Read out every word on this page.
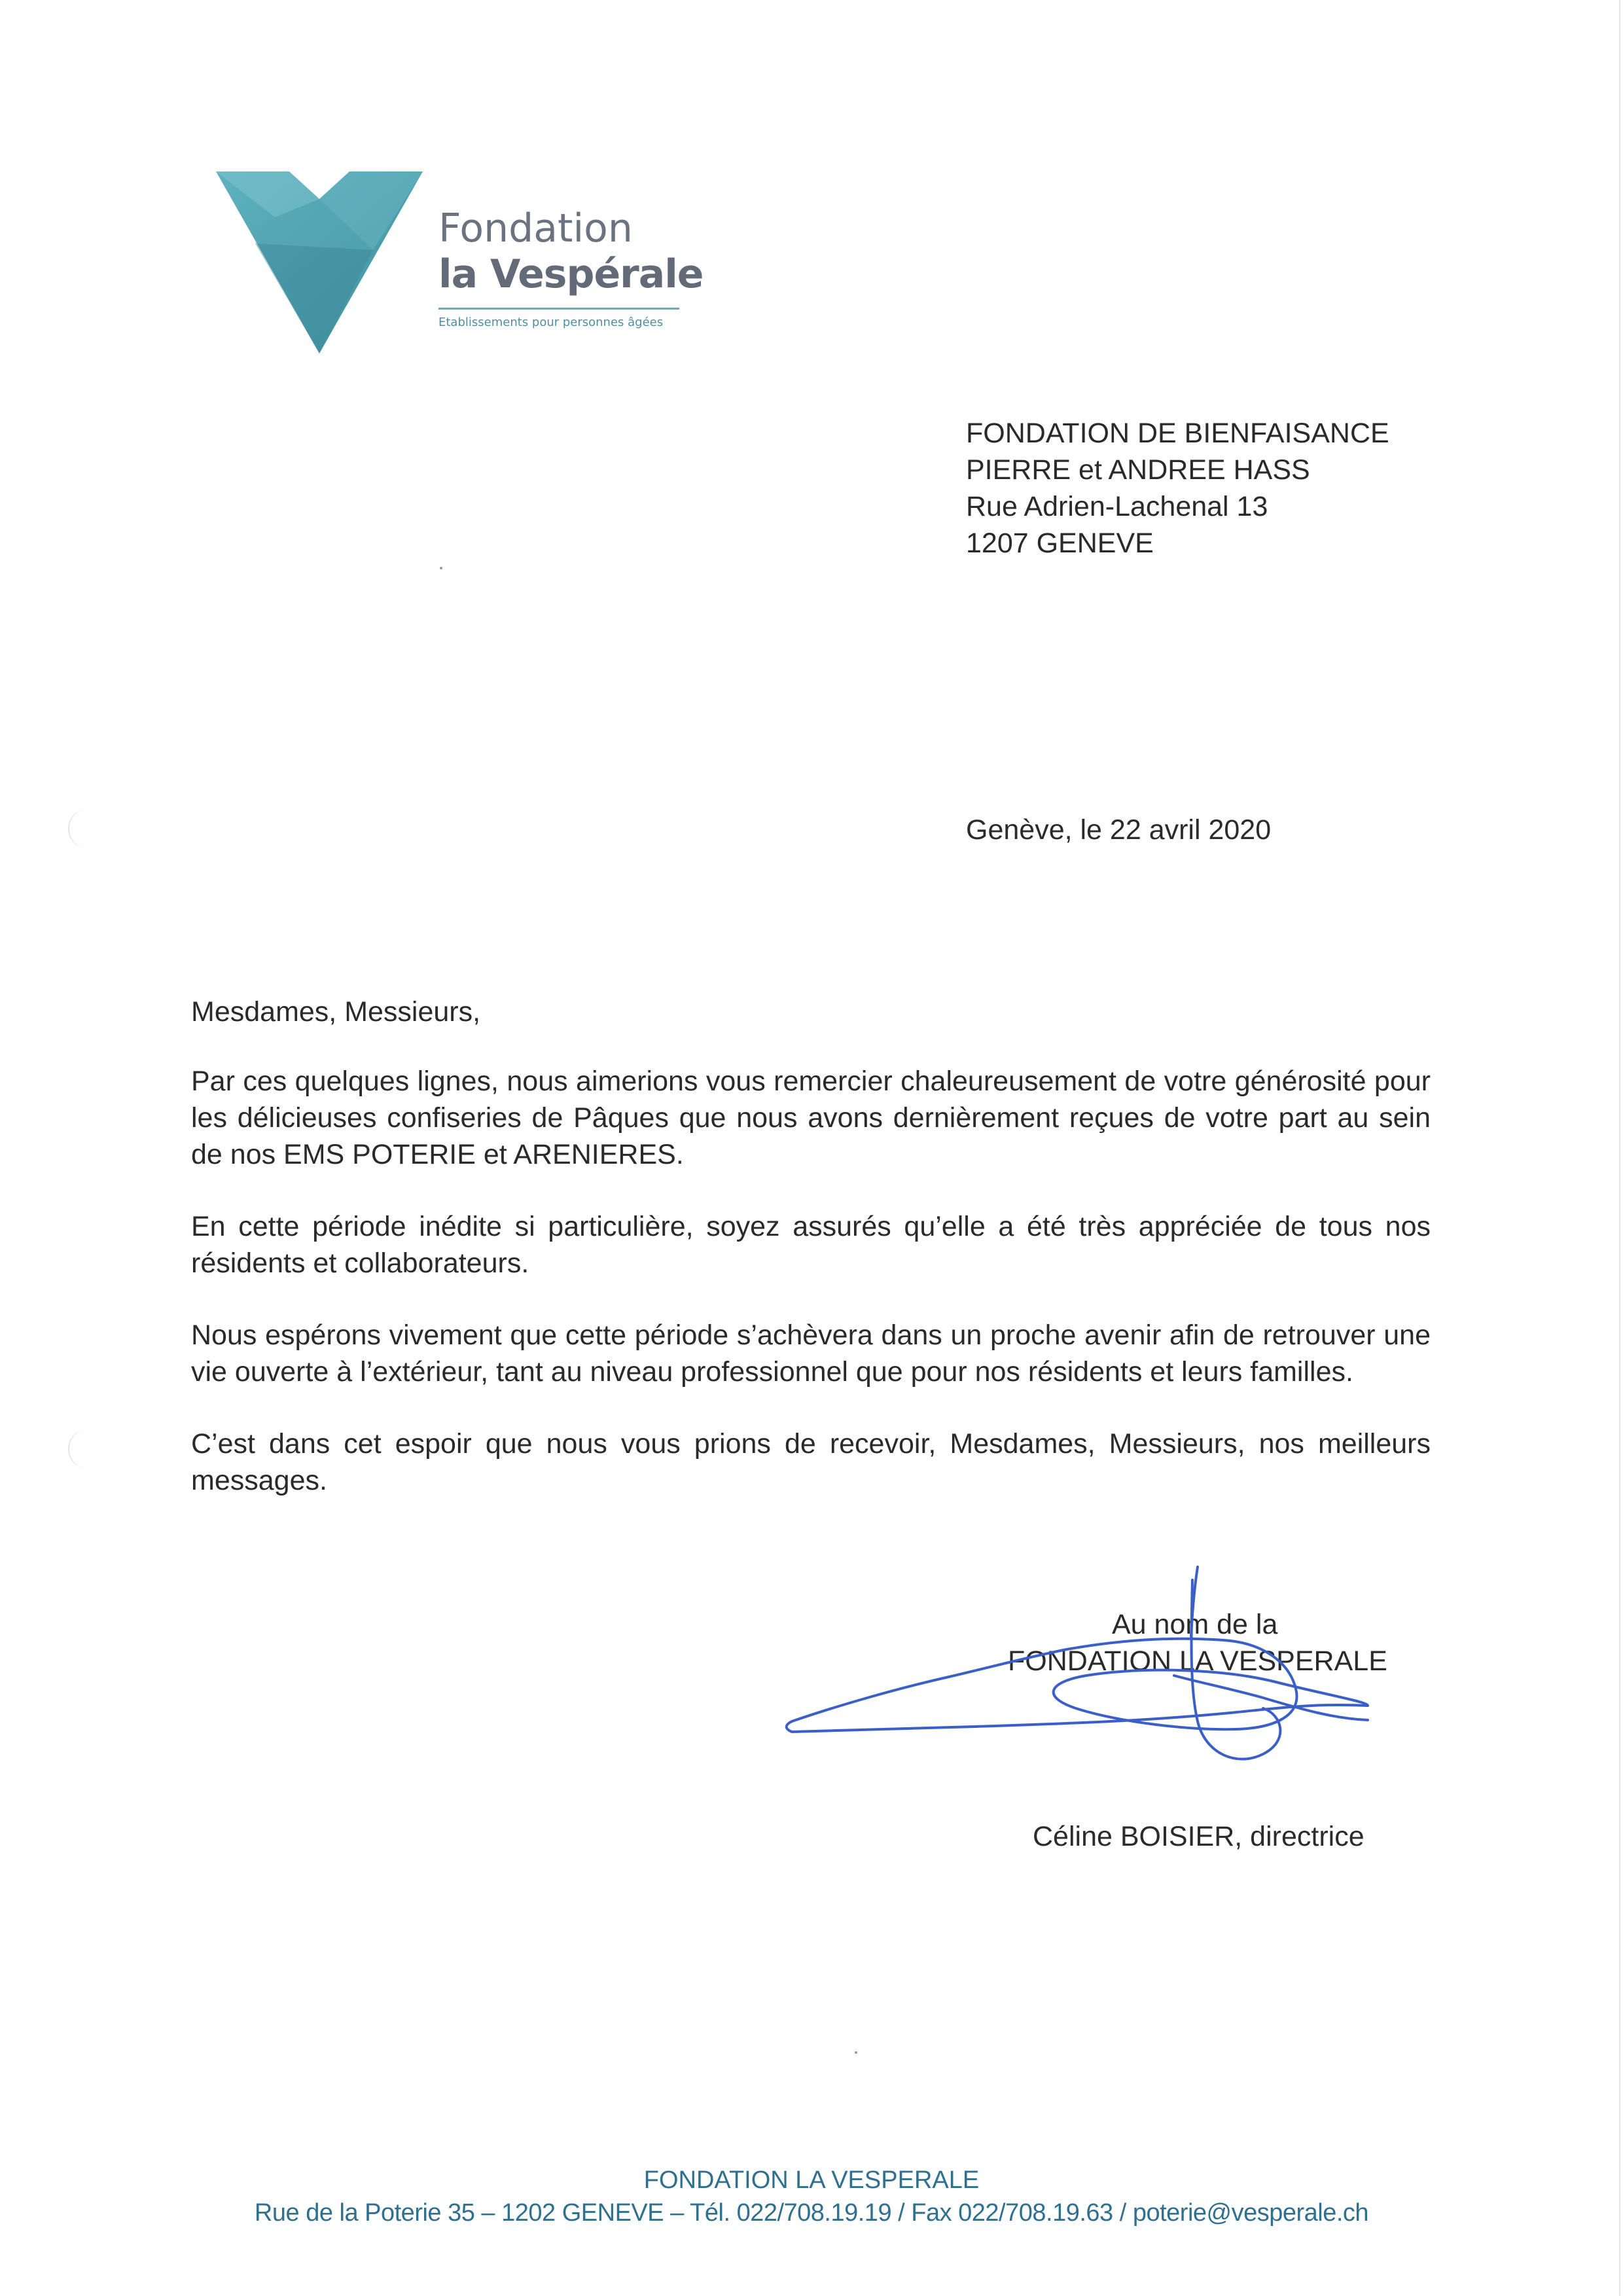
Fondation
la Vespérale
Etablissements pour personnes âgées
FONDATION DE BIENFAISANCE
PIERRE et ANDREE HASS
Rue Adrien-Lachenal 13
1207 GENEVE
Genève, le 22 avril 2020

Mesdames, Messieurs,

Par ces quelques lignes, nous aimerions vous remercier chaleureusement de votre générosité pour les délicieuses confiseries de Pâques que nous avons dernièrement reçues de votre part au sein de nos EMS POTERIE et ARENIERES.

En cette période inédite si particulière, soyez assurés qu’elle a été très appréciée de tous nos résidents et collaborateurs.

Nous espérons vivement que cette période s’achèvera dans un proche avenir afin de retrouver une vie ouverte à l’extérieur, tant au niveau professionnel que pour nos résidents et leurs familles.

C’est dans cet espoir que nous vous prions de recevoir, Mesdames, Messieurs, nos meilleurs messages.

Au nom de la
FONDATION LA VESPERALE
Céline BOISIER, directrice
FONDATION LA VESPERALE
Rue de la Poterie 35 – 1202 GENEVE – Tél. 022/708.19.19 / Fax 022/708.19.63 / poterie@vesperale.ch
